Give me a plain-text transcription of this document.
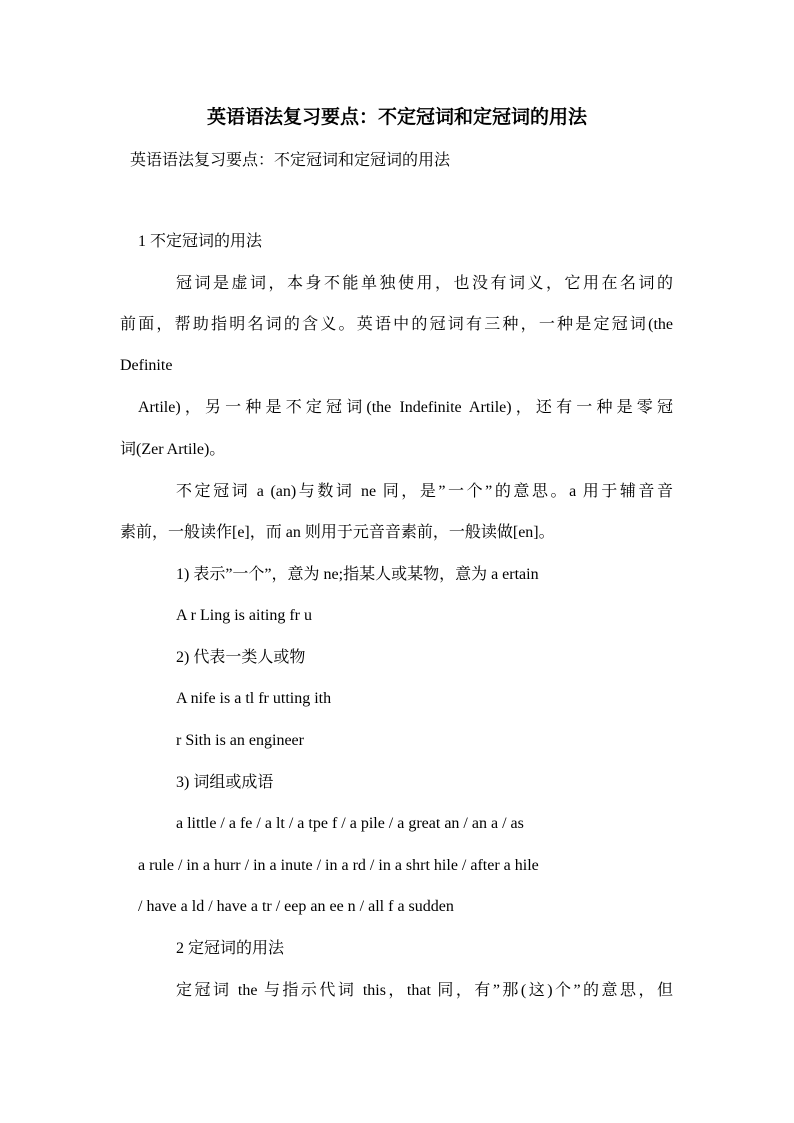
英语语法复习要点：不定冠词和定冠词的用法
英语语法复习要点：不定冠词和定冠词的用法
1 不定冠词的用法
冠词是虚词，本身不能单独使用，也没有词义，它用在名词的
前面，帮助指明名词的含义。英语中的冠词有三种，一种是定冠词(the
Definite
Artile)，另一种是不定冠词(the Indefinite Artile)，还有一种是零冠
词(Zer Artile)。
不定冠词 a (an)与数词 ne 同，是”一个”的意思。a 用于辅音音
素前，一般读作[e]，而 an 则用于元音音素前，一般读做[en]。
1) 表示”一个”，意为 ne;指某人或某物，意为 a ertain
A r Ling is aiting fr u
2) 代表一类人或物
A nife is a tl fr utting ith
r Sith is an engineer
3) 词组或成语
a little / a fe / a lt / a tpe f / a pile / a great an / an a / as
a rule / in a hurr / in a inute / in a rd / in a shrt hile / after a hile
/ have a ld / have a tr / eep an ee n / all f a sudden
2 定冠词的用法
定冠词 the 与指示代词 this，that 同，有”那(这)个”的意思，但
